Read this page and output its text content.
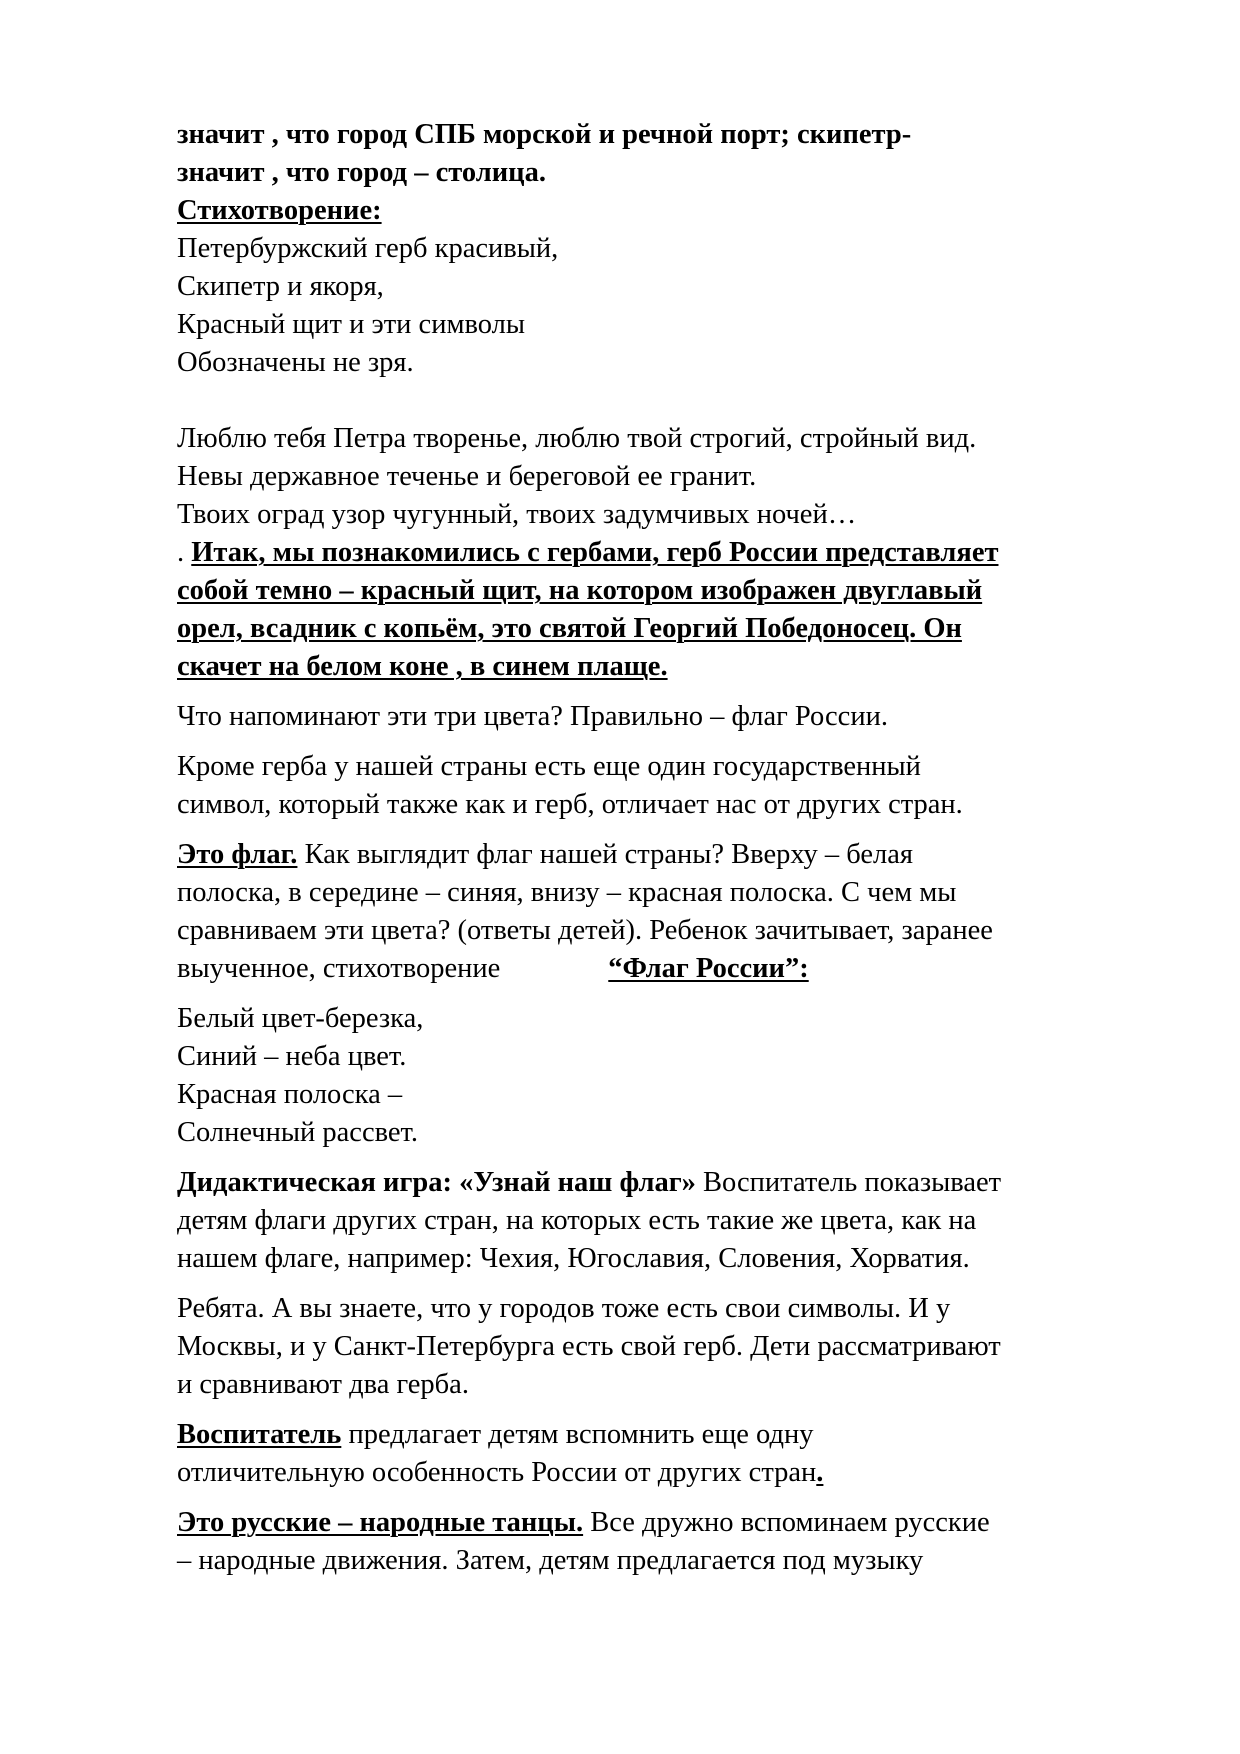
значит , что город СПБ морской и речной порт; скипетр-
значит , что город – столица.

Стихотворение:
Петербуржский герб красивый,
Скипетр и якоря,
Красный щит и эти символы
Обозначены не зря.

Люблю тебя Петра творенье, люблю твой строгий, стройный вид.
Невы державное теченье и береговой ее гранит.
Твоих оград узор чугунный, твоих задумчивых ночей…

. Итак, мы познакомились с гербами, герб России представляет
собой темно – красный щит, на котором изображен двуглавый
орел, всадник с копьём, это святой Георгий Победоносец. Он
скачет на белом коне , в синем плаще.

Что напоминают эти три цвета? Правильно – флаг России.

Кроме герба у нашей страны есть еще один государственный
символ, который также как и герб, отличает нас от других стран.

Это флаг. Как выглядит флаг нашей страны? Вверху – белая
полоска, в середине – синяя, внизу – красная полоска. С чем мы
сравниваем эти цвета? (ответы детей). Ребенок зачитывает, заранее
выученное, стихотворение	“Флаг России”:

Белый цвет-березка,
Синий – неба цвет.
Красная полоска –
Солнечный рассвет.

Дидактическая игра: «Узнай наш флаг» Воспитатель показывает
детям флаги других стран, на которых есть такие же цвета, как на
нашем флаге, например: Чехия, Югославия, Словения, Хорватия.

Ребята. А вы знаете, что у городов тоже есть свои символы. И у
Москвы, и у Санкт-Петербурга есть свой герб. Дети рассматривают
и сравнивают два герба.

Воспитатель предлагает детям вспомнить еще одну
отличительную особенность России от других стран.

Это русские – народные танцы. Все дружно вспоминаем русские
– народные движения. Затем, детям предлагается под музыку
